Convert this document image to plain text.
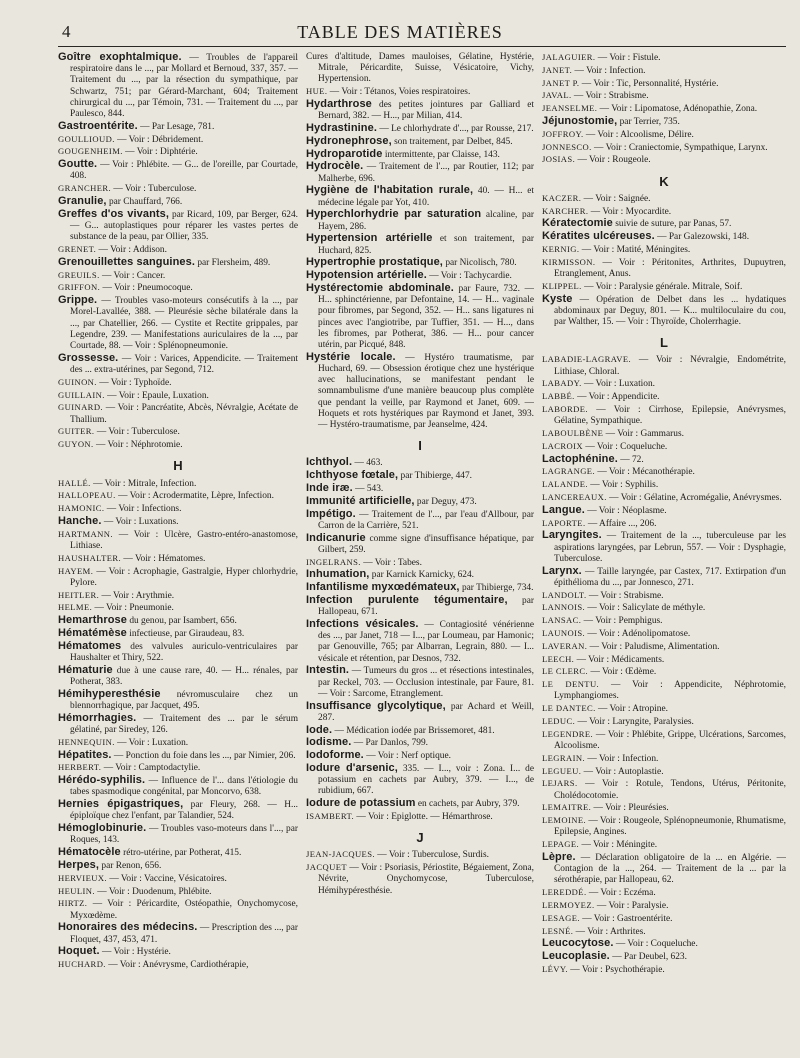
4	TABLE DES MATIÈRES

Goître exophtalmique. — Troubles de l'appareil respiratoire dans le ..., par Mollard et Bernoud, 337, 357. — Traitement du ..., par la résection du sympathique, par Schwartz, 751; par Gérard-Marchant, 604; Traitement chirurgical du ..., par Témoin, 731. — Traitement du ..., par Paulesco, 844.

Gastroentérite. — Par Lesage, 781.

GOULLIOUD. — Voir : Débridement.

GOUGENHEIM. — Voir : Diphtérie.

Goutte. — Voir : Phlébite. — G... de l'oreille, par Courtade, 408.

GRANCHER. — Voir : Tuberculose.

Granulie, par Chauffard, 766.

Greffes d'os vivants, par Ricard, 109, par Berger, 624. — G... autoplastiques pour réparer les vastes pertes de substance de la peau, par Ollier, 335.

GRENET. — Voir : Addison.

Grenouillettes sanguines. par Flersheim, 489.

GREUILS. — Voir : Cancer.

GRIFFON. — Voir : Pneumocoque.

Grippe. — Troubles vaso-moteurs consécutifs à la ..., par Morel-Lavallée, 388. — Pleurésie sèche bilatérale dans la ..., par Chatellier, 266. — Cystite et Rectite grippales, par Legendre, 239. — Manifestations auriculaires de la ..., par Courtade, 88. — Voir : Splénopneumonie.

Grossesse. — Voir : Varices, Appendicite. — Traitement des ... extra-utérines, par Segond, 712.

GUINON. — Voir : Typhoïde.

GUILLAIN. — Voir : Epaule, Luxation.

GUINARD. — Voir : Pancréatite, Abcès, Névralgie, Acétate de Thallium.

GUITER. — Voir : Tuberculose.

GUYON. — Voir : Néphrotomie.

H

HALLÉ. — Voir : Mitrale, Infection.

HALLOPEAU. — Voir : Acrodermatite, Lèpre, Infection.

HAMONIC. — Voir : Infections.

Hanche. — Voir : Luxations.

HARTMANN. — Voir : Ulcère, Gastro-entéro-anastomose, Lithiase.

HAUSHALTER. — Voir : Hématomes.

HAYEM. — Voir : Acrophagie, Gastralgie, Hyper chlorhydrie, Pylore.

HEITLER. — Voir : Arythmie.

HELME. — Voir : Pneumonie.

Hemarthrose du genou, par Isambert, 656.

Hématémèse infectieuse, par Giraudeau, 83.

Hématomes des valvules auriculo-ventriculaires par Haushalter et Thiry, 522.

Hématurie due à une cause rare, 40. — H... rénales, par Potherat, 383.

Hémihyperesthésie névromusculaire chez un blennorrhagique, par Jacquet, 495.

Hémorrhagies. — Traitement des ... par le sérum gélatiné, par Siredey, 126.

HENNEQUIN. — Voir : Luxation.

Hépatites. — Ponction du foie dans les ..., par Nimier, 206.

HERBERT. — Voir : Camptodactylie.

Hérédo-syphilis. — Influence de l'... dans l'étiologie du tabes spasmodique congénital, par Moncorvo, 638.

Hernies épigastriques, par Fleury, 268. — H... épiploïque chez l'enfant, par Talandier, 524.

Hémoglobinurie. — Troubles vaso-moteurs dans l'..., par Roques, 143.

Hématocèle rétro-utérine, par Potherat, 415.

Herpes, par Renon, 656.

HERVIEUX. — Voir : Vaccine, Vésicatoires.

HEULIN. — Voir : Duodenum, Phlébite.

HIRTZ. — Voir : Péricardite, Ostéopathie, Onychomycose, Myxœdème.

Honoraires des médecins. — Prescription des ..., par Floquet, 437, 453, 471.

Hoquet. — Voir : Hystérie.

HUCHARD. — Voir : Anévrysme, Cardiothérapie,

Cures d'altitude, Dames mauloises, Gélatine, Hystérie, Mitrale, Péricardite, Suisse, Vésicatoire, Vichy, Hypertension.

HUE. — Voir : Tétanos, Voies respiratoires.

Hydarthrose des petites jointures par Galliard et Bernard, 382. — H..., par Milian, 414.

Hydrastinine. — Le chlorhydrate d'..., par Rousse, 217.

Hydronephrose, son traitement, par Delbet, 845.

Hydroparotide intermittente, par Claisse, 143.

Hydrocèle. — Traitement de l'..., par Routier, 112; par Malherbe, 696.

Hygiène de l'habitation rurale, 40. — H... et médecine légale par Yot, 410.

Hyperchlorhydrie par saturation alcaline, par Hayem, 286.

Hypertension artérielle et son traitement, par Huchard, 825.

Hypertrophie prostatique, par Nicolisch, 780.

Hypotension artérielle. — Voir : Tachycardie.

Hystérectomie abdominale. par Faure, 732. — H... sphinctérienne, par Defontaine, 14. — H... vaginale pour fibromes, par Segond, 352. — H... sans ligatures ni pinces avec l'angiotribe, par Tuffier, 351. — H..., dans les fibromes, par Potherat, 386. — H... pour cancer utérin, par Picqué, 848.

Hystérie locale. — Hystéro traumatisme, par Huchard, 69. — Obsession érotique chez une hystérique avec hallucinations, se manifestant pendant le somnambulisme d'une manière beaucoup plus complète que pendant la veille, par Raymond et Janet, 609. — Hoquets et rots hystériques par Raymond et Janet, 393. — Hystéro-traumatisme, par Jeanselme, 424.

I

Ichthyol. — 463.

Ichthyose fœtale, par Thibierge, 447.

Inde iræ. — 543.

Immunité artificielle, par Deguy, 473.

Impétigo. — Traitement de l'..., par l'eau d'Allbour, par Carron de la Carrière, 521.

Indicanurie comme signe d'insuffisance hépatique, par Gilbert, 259.

INGELRANS. — Voir : Tabes.

Inhumation, par Karnick Karnicky, 624.

Infantilisme myxœdémateux, par Thibierge, 734.

Infection purulente tégumentaire, par Hallopeau, 671.

Infections vésicales. — Contagiosité vénérienne des ..., par Janet, 718 — I..., par Loumeau, par Hamonic; par Genouville, 765; par Albarran, Legrain, 880. — I... vésicale et rétention, par Desnos, 732.

Intestin. — Tumeurs du gros ... et résections intestinales, par Reckel, 703. — Occlusion intestinale, par Faure, 81. — Voir : Sarcome, Etranglement.

Insuffisance glycolytique, par Achard et Weill, 287.

Iode. — Médication iodée par Brissemoret, 481.

Iodisme. — Par Danlos, 799.

Iodoforme. — Voir : Nerf optique.

Iodure d'arsenic, 335. — I..., voir : Zona. I... de potassium en cachets par Aubry, 379. — I..., de rubidium, 667.

Iodure de potassium en cachets, par Aubry, 379.

ISAMBERT. — Voir : Epiglotte. — Hémarthrose.

J

JEAN-JACQUES. — Voir : Tuberculose, Surdis.

JACQUET — Voir : Psoriasis, Périostite, Bégaiement, Zona, Névrite, Onychomycose, Tuberculose, Hémihypéresthésie.

JALAGUIER. — Voir : Fistule.

JANET. — Voir : Infection.

JANET P. — Voir : Tic, Personnalité, Hystérie.

JAVAL. — Voir : Strabisme.

JEANSELME. — Voir : Lipomatose, Adénopathie, Zona.

Jéjunostomie, par Terrier, 735.

JOFFROY. — Voir : Alcoolisme, Délire.

JONNESCO. — Voir : Craniectomie, Sympathique, Larynx.

JOSIAS. — Voir : Rougeole.

K

KACZER. — Voir : Saignée.

KARCHER. — Voir : Myocardite.

Kératectomie suivie de suture, par Panas, 57.

Kératites ulcéreuses. — Par Galezowski, 148.

KERNIG. — Voir : Matité, Méningites.

KIRMISSON. — Voir : Péritonites, Arthrites, Dupuytren, Etranglement, Anus.

KLIPPEL. — Voir : Paralysie générale. Mitrale, Soif.

Kyste — Opération de Delbet dans les ... hydatiques abdominaux par Deguy, 801. — K... multiloculaire du cou, par Walther, 15. — Voir : Thyroïde, Cholerrhagie.

L

LABADIE-LAGRAVE. — Voir : Névralgie, Endométrite, Lithiase, Chloral.

LABADY. — Voir : Luxation.

LABBÉ. — Voir : Appendicite.

LABORDE. — Voir : Cirrhose, Epilepsie, Anévrysmes, Gélatine, Sympathique.

LABOULBÈNE — Voir : Gammarus.

LACROIX — Voir : Coqueluche.

Lactophénine. — 72.

LAGRANGE. — Voir : Mécanothérapie.

LALANDE. — Voir : Syphilis.

LANCEREAUX. — Voir : Gélatine, Acromégalie, Anévrysmes.

Langue. — Voir : Néoplasme.

LAPORTE. — Affaire ..., 206.

Laryngites. — Traitement de la ..., tuberculeuse par les aspirations laryngées, par Lebrun, 557. — Voir : Dysphagie, Tuberculose.

Larynx. — Taille laryngée, par Castex, 717. Extirpation d'un épithélioma du ..., par Jonnesco, 271.

LANDOLT. — Voir : Strabisme.

LANNOIS. — Voir : Salicylate de méthyle.

LANSAC. — Voir : Pemphigus.

LAUNOIS. — Voir : Adénolipomatose.

LAVERAN. — Voir : Paludisme, Alimentation.

LEECH. — Voir : Médicaments.

LE CLERC. — Voir : Œdème.

LE DENTU. — Voir : Appendicite, Néphrotomie, Lymphangiomes.

LE DANTEC. — Voir : Atropine.

LEDUC. — Voir : Laryngite, Paralysies.

LEGENDRE. — Voir : Phlébite, Grippe, Ulcérations, Sarcomes, Alcoolisme.

LEGRAIN. — Voir : Infection.

LEGUEU. — Voir : Autoplastie.

LEJARS. — Voir : Rotule, Tendons, Utérus, Péritonite, Cholédocotomie.

LEMAITRE. — Voir : Pleurésies.

LEMOINE. — Voir : Rougeole, Splénopneumonie, Rhumatisme, Epilepsie, Angines.

LEPAGE. — Voir : Méningite.

Lèpre. — Déclaration obligatoire de la ... en Algérie. — Contagion de la ..., 264. — Traitement de la ... par la sérothérapie, par Hallopeau, 62.

LEREDDÉ. — Voir : Eczéma.

LERMOYEZ. — Voir : Paralysie.

LESAGE. — Voir : Gastroentérite.

LESNÉ. — Voir : Arthrites.

Leucocytose. — Voir : Coqueluche.

Leucoplasie. — Par Deubel, 623.

LÉVY. — Voir : Psychothérapie.
